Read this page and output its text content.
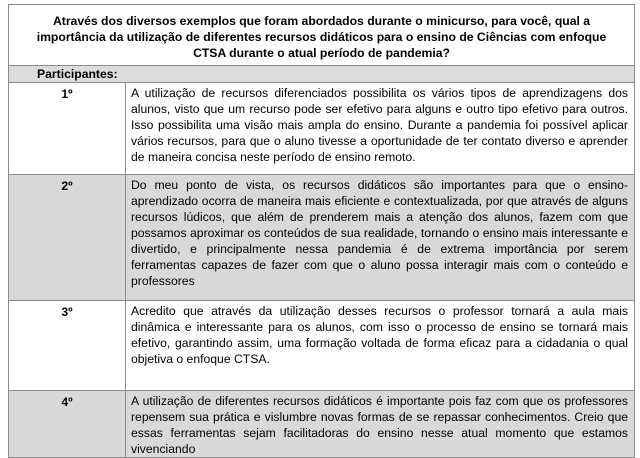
Através dos diversos exemplos que foram abordados durante o minicurso, para você, qual a importância da utilização de diferentes recursos didáticos para o ensino de Ciências com enfoque CTSA durante o atual período de pandemia?	
Participantes:	
1º	A utilização de recursos diferenciados possibilita os vários tipos de aprendizagens dos alunos, visto que um recurso pode ser efetivo para alguns e outro tipo efetivo para outros. Isso possibilita uma visão mais ampla do ensino. Durante a pandemia foi possível aplicar vários recursos, para que o aluno tivesse a oportunidade de ter contato diverso e aprender de maneira concisa neste período de ensino remoto.
2º	Do meu ponto de vista, os recursos didáticos são importantes para que o ensino-aprendizado ocorra de maneira mais eficiente e contextualizada, por que através de alguns recursos lúdicos, que além de prenderem mais a atenção dos alunos, fazem com que possamos aproximar os conteúdos de sua realidade, tornando o ensino mais interessante e divertido, e principalmente nessa pandemia é de extrema importância por serem ferramentas capazes de fazer com que o aluno possa interagir mais com o conteúdo e professores
3º	Acredito que através da utilização desses recursos o professor tornará a aula mais dinâmica e interessante para os alunos, com isso o processo de ensino se tornará mais efetivo, garantindo assim, uma formação voltada de forma eficaz para a cidadania o qual objetiva o enfoque CTSA.
4º	A utilização de diferentes recursos didáticos é importante pois faz com que os professores repensem sua prática e vislumbre novas formas de se repassar conhecimentos. Creio que essas ferramentas sejam facilitadoras do ensino nesse atual momento que estamos vivenciando
